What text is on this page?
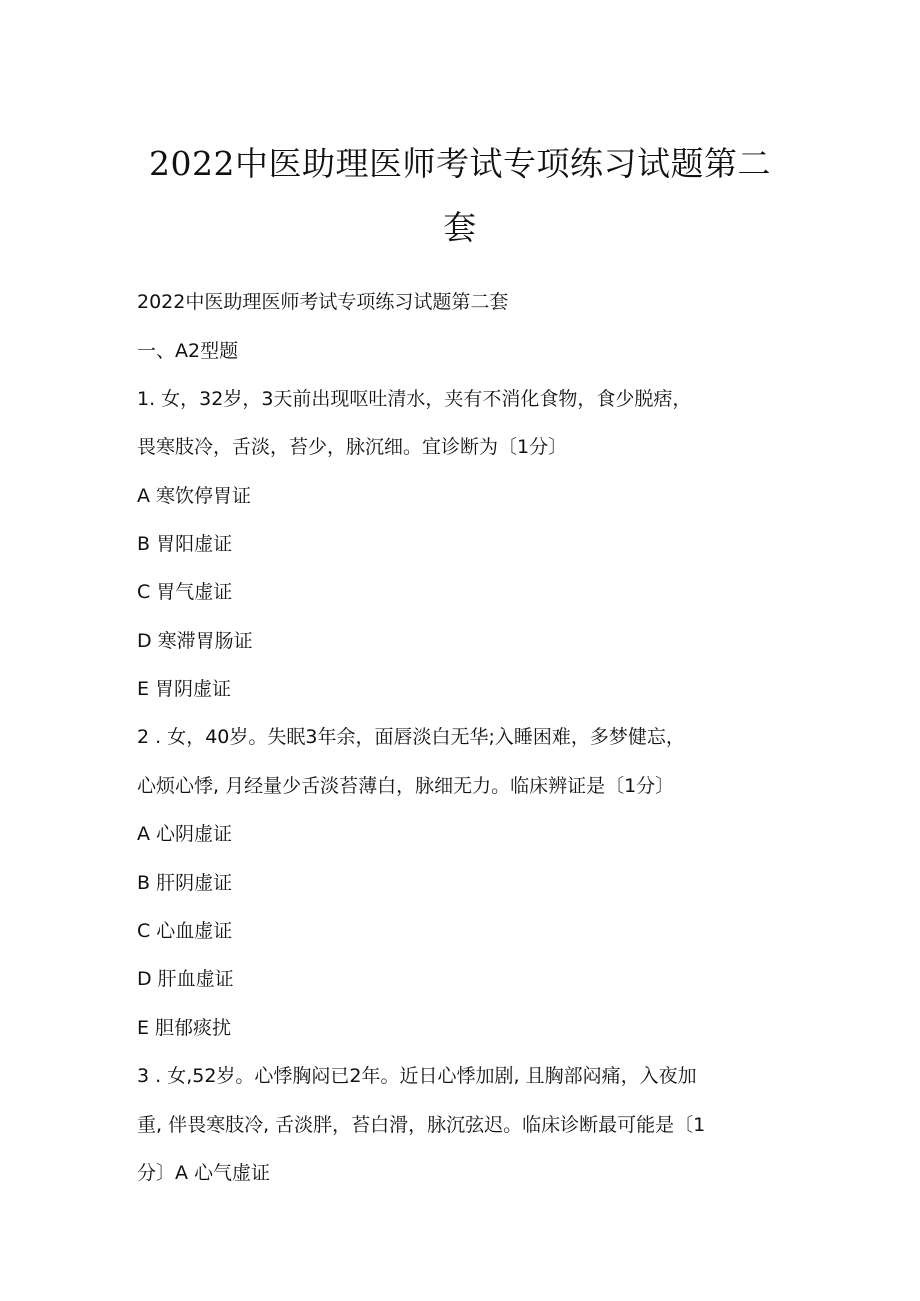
2022中医助理医师考试专项练习试题第二
套
2022中医助理医师考试专项练习试题第二套
一、A2型题
1. 女，32岁，3天前出现呕吐清水，夹有不消化食物，食少脱痞，
畏寒肢冷，舌淡，苔少，脉沉细。宜诊断为〔1分〕
A 寒饮停胃证
B 胃阳虚证
C 胃气虚证
D 寒滞胃肠证
E 胃阴虚证
2 . 女，40岁。失眠3年余，面唇淡白无华;入睡困难，多梦健忘，
心烦心悸, 月经量少舌淡苔薄白，脉细无力。临床辨证是〔1分〕
A 心阴虚证
B 肝阴虚证
C 心血虚证
D 肝血虚证
E 胆郁痰扰
3 . 女,52岁。心悸胸闷已2年。近日心悸加剧, 且胸部闷痛，入夜加
重, 伴畏寒肢冷, 舌淡胖，苔白滑，脉沉弦迟。临床诊断最可能是〔1
分〕A 心气虚证
